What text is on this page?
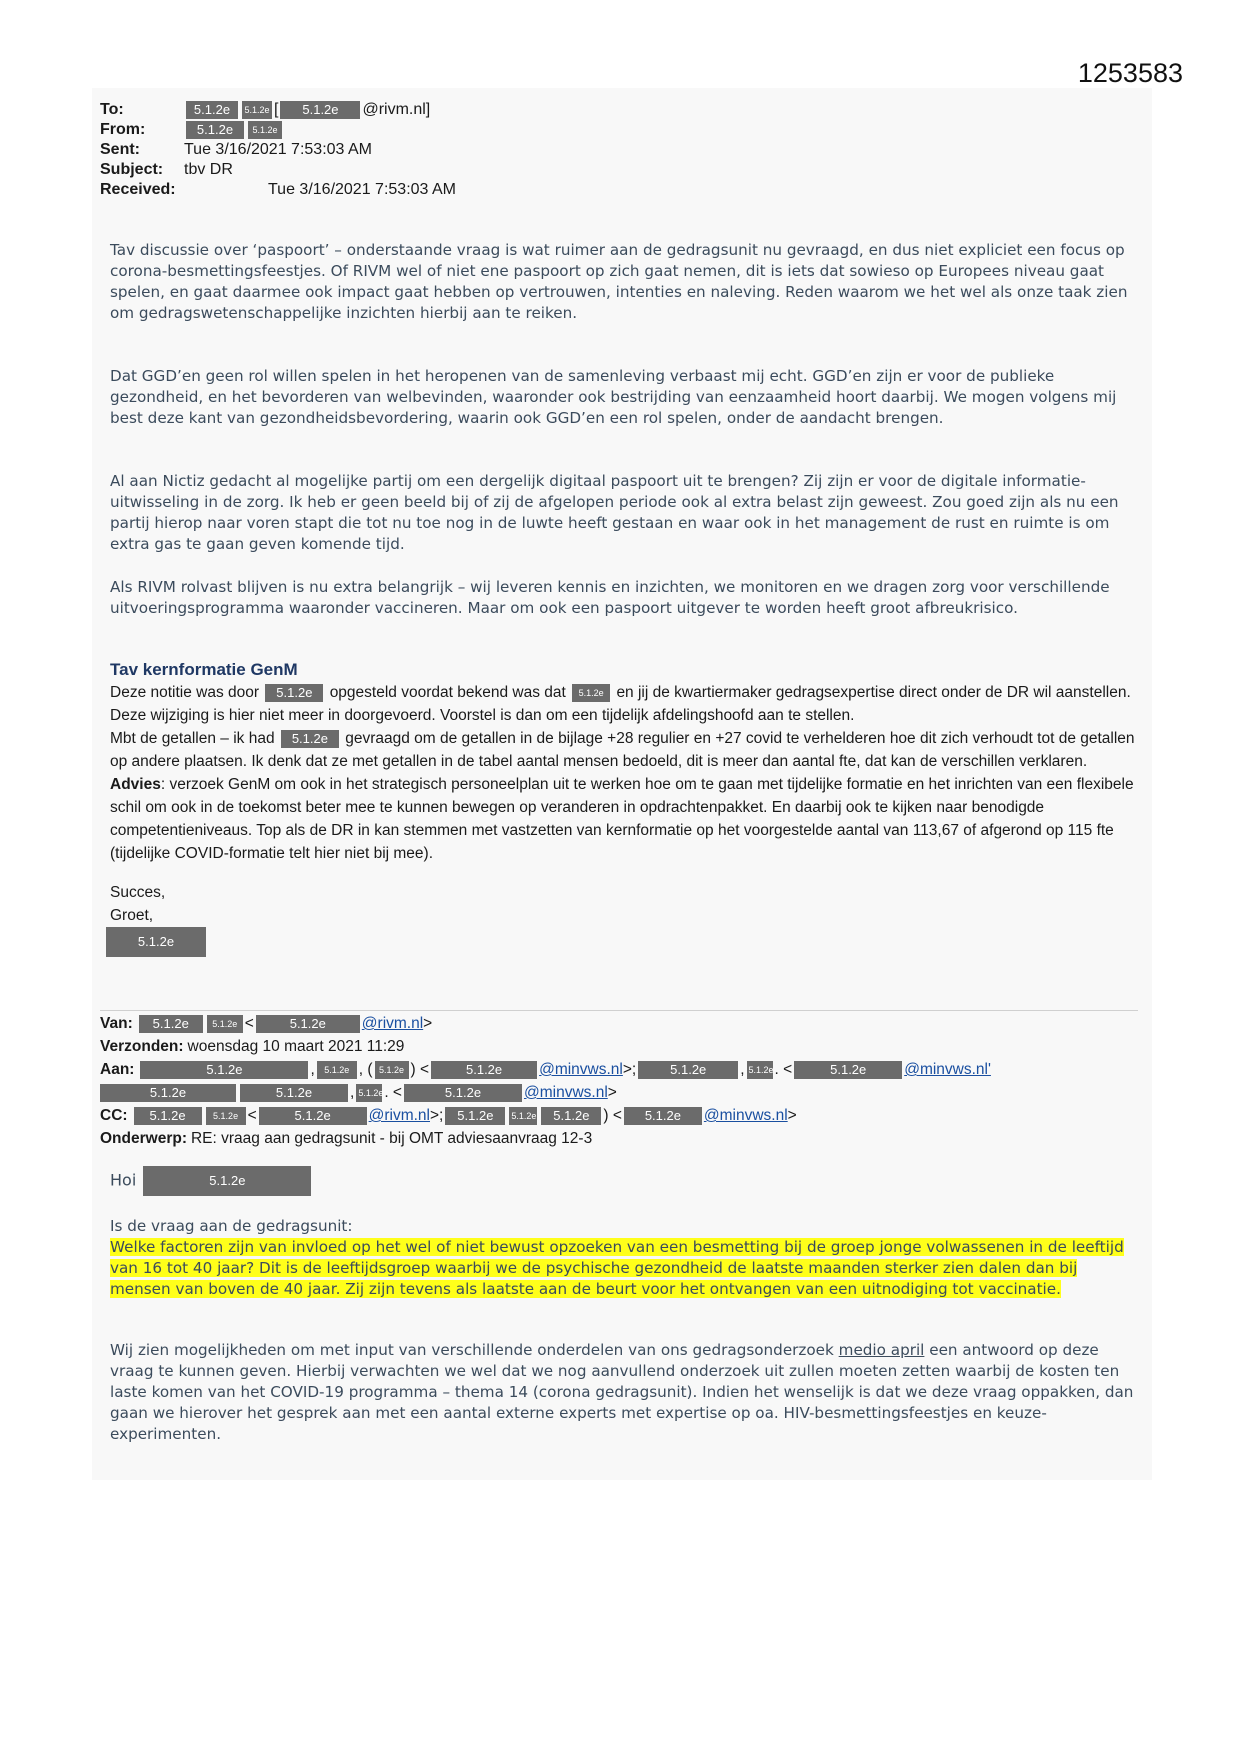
1253583
To:	5.1.2e	5.1.2e [	5.1.2e	@rivm.nl]
From:	5.1.2e	5.1.2e
Sent:	Tue 3/16/2021 7:53:03 AM
Subject:	tbv DR
Received:	Tue 3/16/2021 7:53:03 AM

Tav discussie over ‘paspoort’ – onderstaande vraag is wat ruimer aan de gedragsunit nu gevraagd, en dus niet expliciet een focus op corona-besmettingsfeestjes. Of RIVM wel of niet ene paspoort op zich gaat nemen, dit is iets dat sowieso op Europees niveau gaat spelen, en gaat daarmee ook impact gaat hebben op vertrouwen, intenties en naleving. Reden waarom we het wel als onze taak zien om gedragswetenschappelijke inzichten hierbij aan te reiken.

Dat GGD’en geen rol willen spelen in het heropenen van de samenleving verbaast mij echt. GGD’en zijn er voor de publieke gezondheid, en het bevorderen van welbevinden, waaronder ook bestrijding van eenzaamheid hoort daarbij. We mogen volgens mij best deze kant van gezondheidsbevordering, waarin ook GGD’en een rol spelen, onder de aandacht brengen.

Al aan Nictiz gedacht al mogelijke partij om een dergelijk digitaal paspoort uit te brengen? Zij zijn er voor de digitale informatie-uitwisseling in de zorg. Ik heb er geen beeld bij of zij de afgelopen periode ook al extra belast zijn geweest. Zou goed zijn als nu een partij hierop naar voren stapt die tot nu toe nog in de luwte heeft gestaan en waar ook in het management de rust en ruimte is om extra gas te gaan geven komende tijd.

Als RIVM rolvast blijven is nu extra belangrijk – wij leveren kennis en inzichten, we monitoren en we dragen zorg voor verschillende uitvoeringsprogramma waaronder vaccineren. Maar om ook een paspoort uitgever te worden heeft groot afbreukrisico.

Tav kernformatie GenM

Deze notitie was door 5.1.2e opgesteld voordat bekend was dat 5.1.2e en jij de kwartiermaker gedragsexpertise direct onder de DR wil aanstellen. Deze wijziging is hier niet meer in doorgevoerd. Voorstel is dan om een tijdelijk afdelingshoofd aan te stellen.

Mbt de getallen – ik had 5.1.2e gevraagd om de getallen in de bijlage +28 regulier en +27 covid te verhelderen hoe dit zich verhoudt tot de getallen op andere plaatsen. Ik denk dat ze met getallen in de tabel aantal mensen bedoeld, dit is meer dan aantal fte, dat kan de verschillen verklaren.

Advies: verzoek GenM om ook in het strategisch personeelplan uit te werken hoe om te gaan met tijdelijke formatie en het inrichten van een flexibele schil om ook in de toekomst beter mee te kunnen bewegen op veranderen in opdrachtenpakket. En daarbij ook te kijken naar benodigde competentieniveaus. Top als de DR in kan stemmen met vastzetten van kernformatie op het voorgestelde aantal van 113,67 of afgerond op 115 fte (tijdelijke COVID-formatie telt hier niet bij mee).

Succes,

Groet,

5.1.2e

Van:	5.1.2e	5.1.2e <	5.1.2e	@rivm.nl >
Verzonden: woensdag 10 maart 2021 11:29
Aan:	5.1.2e	,	5.1.2e , ( 5.1.2e ) <	5.1.2e	@minvws.nl >;	5.1.2e	, 5.1.2e . <	5.1.2e	@minvws.nl'
5.1.2e	5.1.2e	, 5.1.2e . <	5.1.2e	@minvws.nl >
CC:	5.1.2e	5.1.2e <	5.1.2e	@rivm.nl >;	5.1.2e	5.1.2e	5.1.2e ) <	5.1.2e	@minvws.nl >
Onderwerp: RE: vraag aan gedragsunit - bij OMT adviesaanvraag 12-3
Hoi	5.1.2e

Is de vraag aan de gedragsunit:

Welke factoren zijn van invloed op het wel of niet bewust opzoeken van een besmetting bij de groep jonge volwassenen in de leeftijd van 16 tot 40 jaar? Dit is de leeftijdsgroep waarbij we de psychische gezondheid de laatste maanden sterker zien dalen dan bij mensen van boven de 40 jaar. Zij zijn tevens als laatste aan de beurt voor het ontvangen van een uitnodiging tot vaccinatie.

Wij zien mogelijkheden om met input van verschillende onderdelen van ons gedragsonderzoek medio april een antwoord op deze vraag te kunnen geven. Hierbij verwachten we wel dat we nog aanvullend onderzoek uit zullen moeten zetten waarbij de kosten ten laste komen van het COVID-19 programma – thema 14 (corona gedragsunit). Indien het wenselijk is dat we deze vraag oppakken, dan gaan we hierover het gesprek aan met een aantal externe experts met expertise op oa. HIV-besmettingsfeestjes en keuze-experimenten.
